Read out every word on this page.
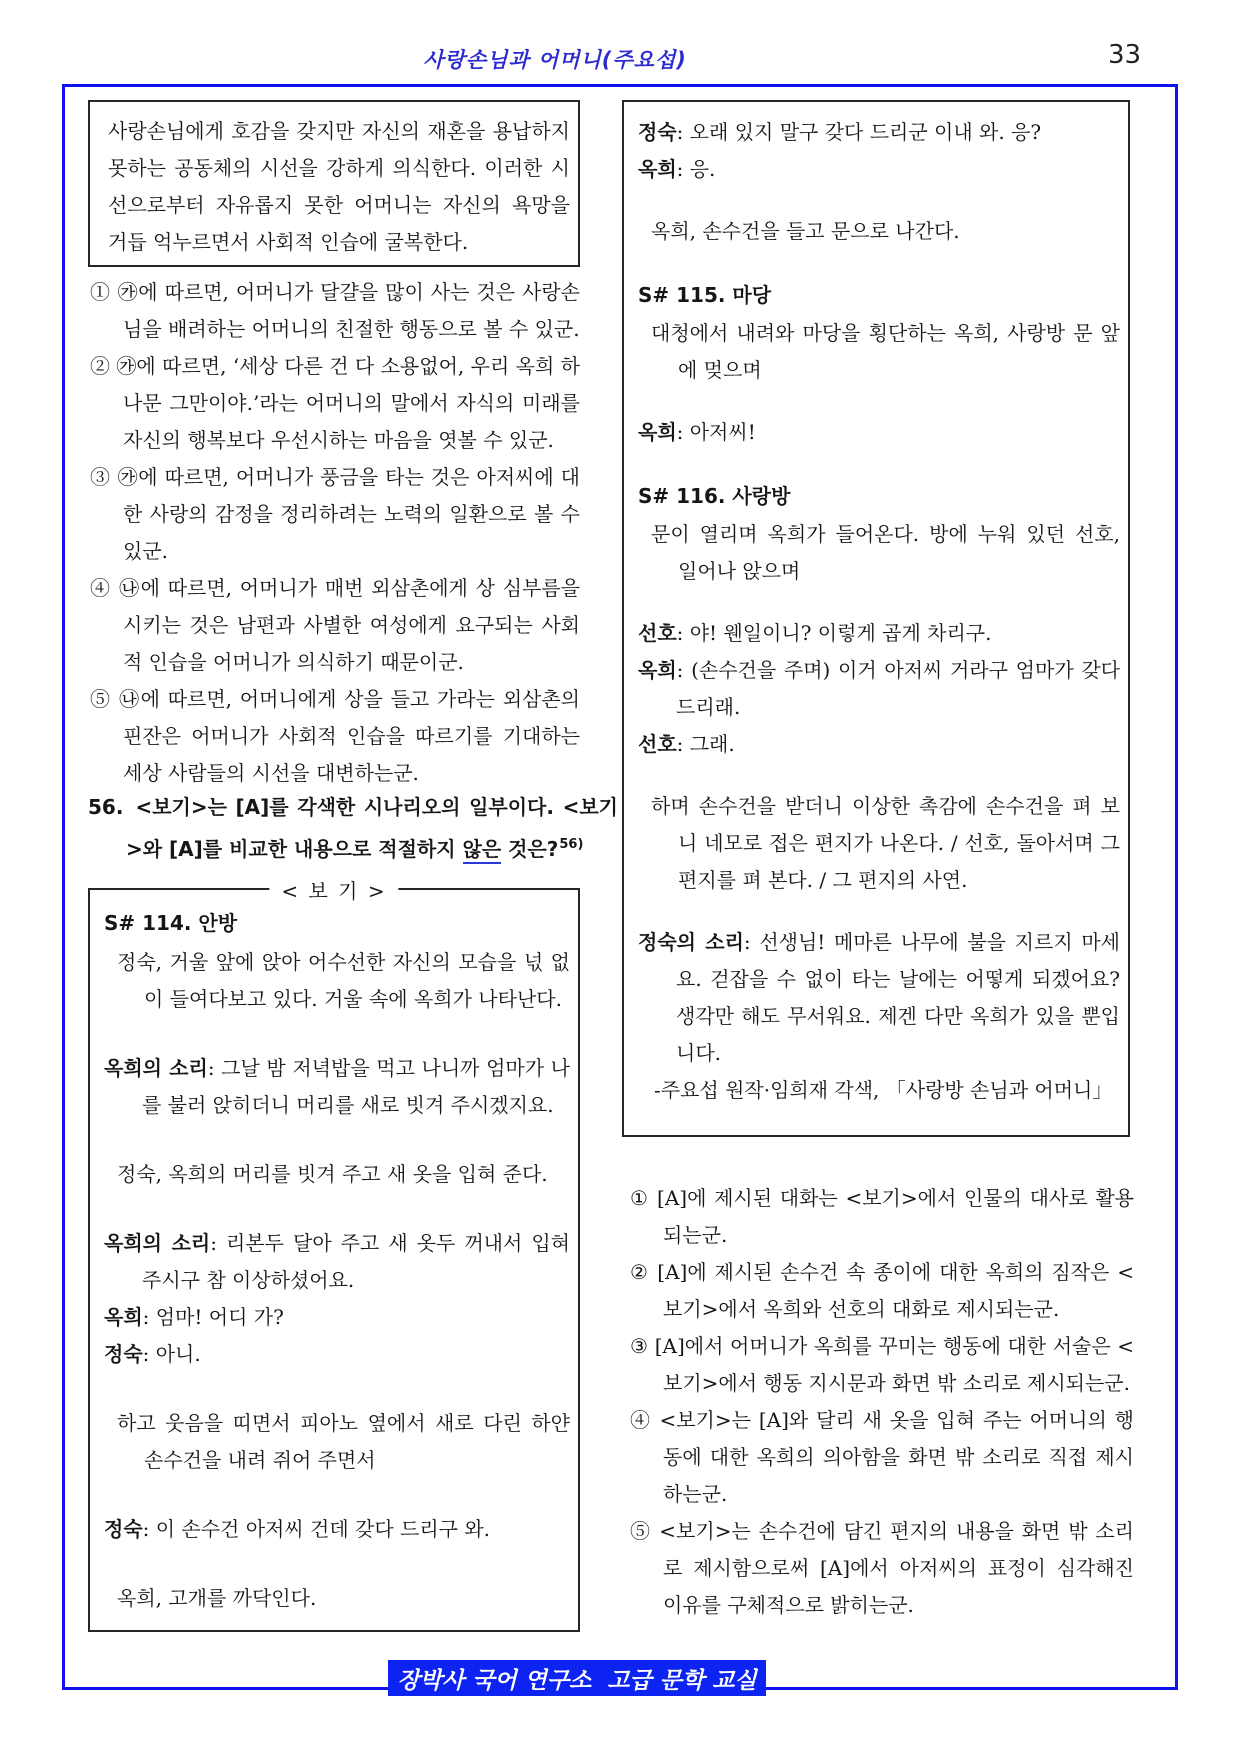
사랑손님과 어머니(주요섭)	33

사랑손님에게 호감을 갖지만 자신의 재혼을 용납하지 못하는 공동체의 시선을 강하게 의식한다. 이러한 시선으로부터 자유롭지 못한 어머니는 자신의 욕망을 거듭 억누르면서 사회적 인습에 굴복한다.

① ㉮에 따르면, 어머니가 달걀을 많이 사는 것은 사랑손님을 배려하는 어머니의 친절한 행동으로 볼 수 있군.
② ㉮에 따르면, ‘세상 다른 건 다 소용없어, 우리 옥희 하나문 그만이야.’라는 어머니의 말에서 자식의 미래를 자신의 행복보다 우선시하는 마음을 엿볼 수 있군.
③ ㉮에 따르면, 어머니가 풍금을 타는 것은 아저씨에 대한 사랑의 감정을 정리하려는 노력의 일환으로 볼 수 있군.
④ ㉯에 따르면, 어머니가 매번 외삼촌에게 상 심부름을 시키는 것은 남편과 사별한 여성에게 요구되는 사회적 인습을 어머니가 의식하기 때문이군.
⑤ ㉯에 따르면, 어머니에게 상을 들고 가라는 외삼촌의 핀잔은 어머니가 사회적 인습을 따르기를 기대하는 세상 사람들의 시선을 대변하는군.
56. <보기>는 [A]를 각색한 시나리오의 일부이다. <보기>와 [A]를 비교한 내용으로 적절하지 않은 것은?$^{56)}$
< 보 기 >
S# 114. 안방
정숙, 거울 앞에 앉아 어수선한 자신의 모습을 넋 없이 들여다보고 있다. 거울 속에 옥희가 나타난다.
옥희의 소리: 그날 밤 저녁밥을 먹고 나니까 엄마가 나를 불러 앉히더니 머리를 새로 빗겨 주시겠지요.
정숙, 옥희의 머리를 빗겨 주고 새 옷을 입혀 준다.
옥희의 소리: 리본두 달아 주고 새 옷두 꺼내서 입혀 주시구 참 이상하셨어요.
옥희: 엄마! 어디 가?
정숙: 아니.
하고 웃음을 띠면서 피아노 옆에서 새로 다린 하얀 손수건을 내려 쥐어 주면서
정숙: 이 손수건 아저씨 건데 갖다 드리구 와.
옥희, 고개를 까닥인다.
정숙: 오래 있지 말구 갖다 드리군 이내 와. 응?
옥희: 응.
옥희, 손수건을 들고 문으로 나간다.
S# 115. 마당
대청에서 내려와 마당을 횡단하는 옥희, 사랑방 문 앞에 멎으며
옥희: 아저씨!
S# 116. 사랑방
문이 열리며 옥희가 들어온다. 방에 누워 있던 선호, 일어나 앉으며
선호: 야! 웬일이니? 이렇게 곱게 차리구.
옥희: (손수건을 주며) 이거 아저씨 거라구 엄마가 갖다 드리래.
선호: 그래.
하며 손수건을 받더니 이상한 촉감에 손수건을 펴 보니 네모로 접은 편지가 나온다. / 선호, 돌아서며 그 편지를 펴 본다. / 그 편지의 사연.
정숙의 소리: 선생님! 메마른 나무에 불을 지르지 마세요. 걷잡을 수 없이 타는 날에는 어떻게 되겠어요? 생각만 해도 무서워요. 제겐 다만 옥희가 있을 뿐입니다.
-주요섭 원작·임희재 각색, 「사랑방 손님과 어머니」
① [A]에 제시된 대화는 <보기>에서 인물의 대사로 활용되는군.
② [A]에 제시된 손수건 속 종이에 대한 옥희의 짐작은 <보기>에서 옥희와 선호의 대화로 제시되는군.
③ [A]에서 어머니가 옥희를 꾸미는 행동에 대한 서술은 <보기>에서 행동 지시문과 화면 밖 소리로 제시되는군.
④ <보기>는 [A]와 달리 새 옷을 입혀 주는 어머니의 행동에 대한 옥희의 의아함을 화면 밖 소리로 직접 제시하는군.
⑤ <보기>는 손수건에 담긴 편지의 내용을 화면 밖 소리로 제시함으로써 [A]에서 아저씨의 표정이 심각해진 이유를 구체적으로 밝히는군.
장박사 국어 연구소  고급 문학 교실
